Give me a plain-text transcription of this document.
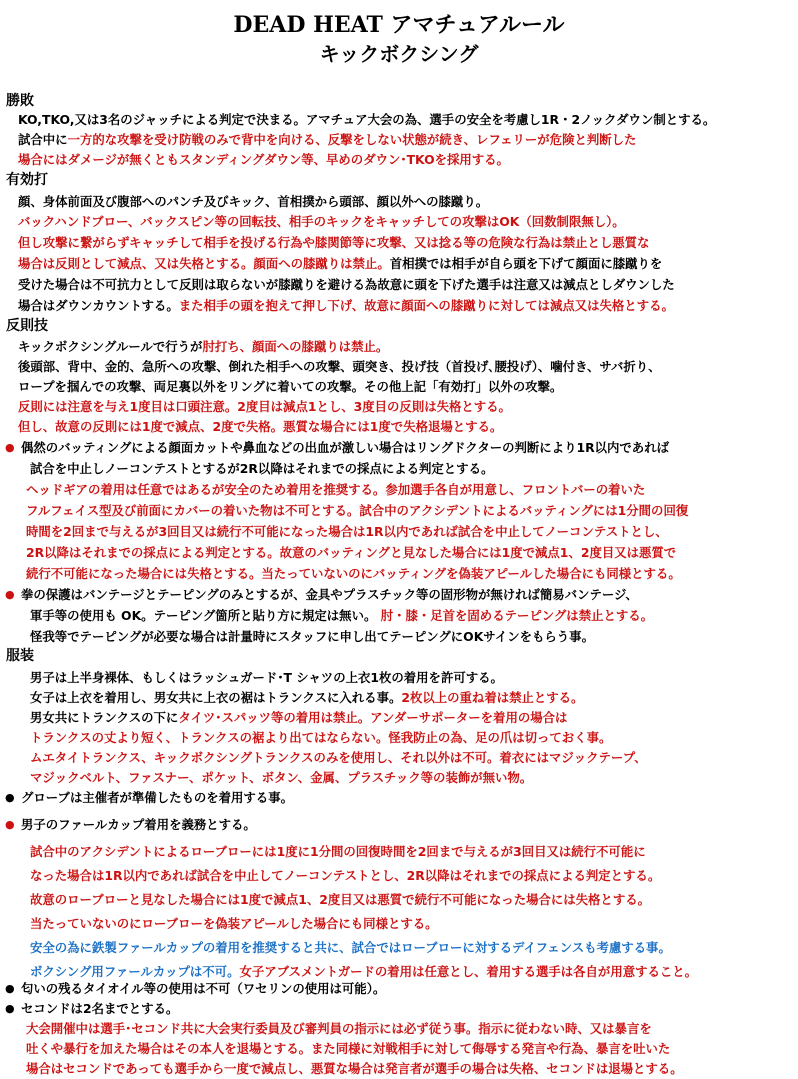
DEAD HEAT アマチュアルール
キックボクシング
勝敗
KO,TKO,又は3名のジャッチによる判定で決まる。アマチュア大会の為、選手の安全を考慮し1R・2ノックダウン制とする。
試合中に一方的な攻撃を受け防戦のみで背中を向ける、反撃をしない状態が続き、レフェリーが危険と判断した
場合にはダメージが無くともスタンディングダウン等、早めのダウン･TKOを採用する。
有効打
顔、身体前面及び腹部へのパンチ及びキック、首相撲から頭部、顔以外への膝蹴り。
バックハンドブロー、バックスピン等の回転技、相手のキックをキャッチしての攻撃はOK（回数制限無し）。
但し攻撃に繋がらずキャッチして相手を投げる行為や膝関節等に攻撃、又は捻る等の危険な行為は禁止とし悪質な
場合は反則として減点、又は失格とする。顔面への膝蹴りは禁止。首相撲では相手が自ら頭を下げて顔面に膝蹴りを
受けた場合は不可抗力として反則は取らないが膝蹴りを避ける為故意に頭を下げた選手は注意又は減点としダウンした
場合はダウンカウントする。また相手の頭を抱えて押し下げ、故意に顔面への膝蹴りに対しては減点又は失格とする。
反則技
キックボクシングルールで行うが肘打ち、顔面への膝蹴りは禁止。
後頭部、背中、金的、急所への攻撃、倒れた相手への攻撃、頭突き、投げ技（首投げ､腰投げ）、噛付き、サバ折り、
ロープを掴んでの攻撃、両足裏以外をリングに着いての攻撃。その他上記「有効打」以外の攻撃。
反則には注意を与え1度目は口頭注意。2度目は減点1とし、3度目の反則は失格とする。
但し、故意の反則には1度で減点、2度で失格。悪質な場合には1度で失格退場とする。
● 偶然のバッティングによる顔面カットや鼻血などの出血が激しい場合はリングドクターの判断により1R以内であれば
試合を中止しノーコンテストとするが2R以降はそれまでの採点による判定とする。
ヘッドギアの着用は任意ではあるが安全のため着用を推奨する。参加選手各自が用意し、フロントバーの着いた
フルフェイス型及び前面にカバーの着いた物は不可とする。試合中のアクシデントによるバッティングには1分間の回復
時間を2回まで与えるが3回目又は続行不可能になった場合は1R以内であれば試合を中止してノーコンテストとし、
2R以降はそれまでの採点による判定とする。故意のバッティングと見なした場合には1度で減点1、2度目又は悪質で
続行不可能になった場合には失格とする。当たっていないのにバッティングを偽装アピールした場合にも同様とする。
● 拳の保護はバンテージとテーピングのみとするが、金具やプラスチック等の固形物が無ければ簡易バンテージ、
軍手等の使用も OK。テーピング箇所と貼り方に規定は無い。 肘・膝・足首を固めるテーピングは禁止とする。
怪我等でテーピングが必要な場合は計量時にスタッフに申し出てテーピングにOKサインをもらう事。
服装
男子は上半身裸体、もしくはラッシュガード･T シャツの上衣1枚の着用を許可する。
女子は上衣を着用し、男女共に上衣の裾はトランクスに入れる事。2枚以上の重ね着は禁止とする。
男女共にトランクスの下にタイツ･スパッツ等の着用は禁止。アンダーサポーターを着用の場合は
トランクスの丈より短く、トランクスの裾より出てはならない。怪我防止の為、足の爪は切っておく事。
ムエタイトランクス、キックボクシングトランクスのみを使用し、それ以外は不可。着衣にはマジックテープ、
マジックベルト、ファスナー、ポケット、ボタン、金属、プラスチック等の装飾が無い物。
● グローブは主催者が準備したものを着用する事。
● 男子のファールカップ着用を義務とする。
試合中のアクシデントによるローブローには1度に1分間の回復時間を2回まで与えるが3回目又は続行不可能に
なった場合は1R以内であれば試合を中止してノーコンテストとし、2R以降はそれまでの採点による判定とする。
故意のローブローと見なした場合には1度で減点1、2度目又は悪質で続行不可能になった場合には失格とする。
当たっていないのにローブローを偽装アピールした場合にも同様とする。
安全の為に鉄製ファールカップの着用を推奨すると共に、試合ではローブローに対するデイフェンスも考慮する事。
ボクシング用ファールカップは不可。女子アブスメントガードの着用は任意とし、着用する選手は各自が用意すること。
● 匂いの残るタイオイル等の使用は不可（ワセリンの使用は可能）。
● セコンドは2名までとする。
大会開催中は選手･セコンド共に大会実行委員及び審判員の指示には必ず従う事。指示に従わない時、又は暴言を
吐くや暴行を加えた場合はその本人を退場とする。また同様に対戦相手に対して侮辱する発言や行為、暴言を吐いた
場合はセコンドであっても選手から一度で減点し、悪質な場合は発言者が選手の場合は失格、セコンドは退場とする。
